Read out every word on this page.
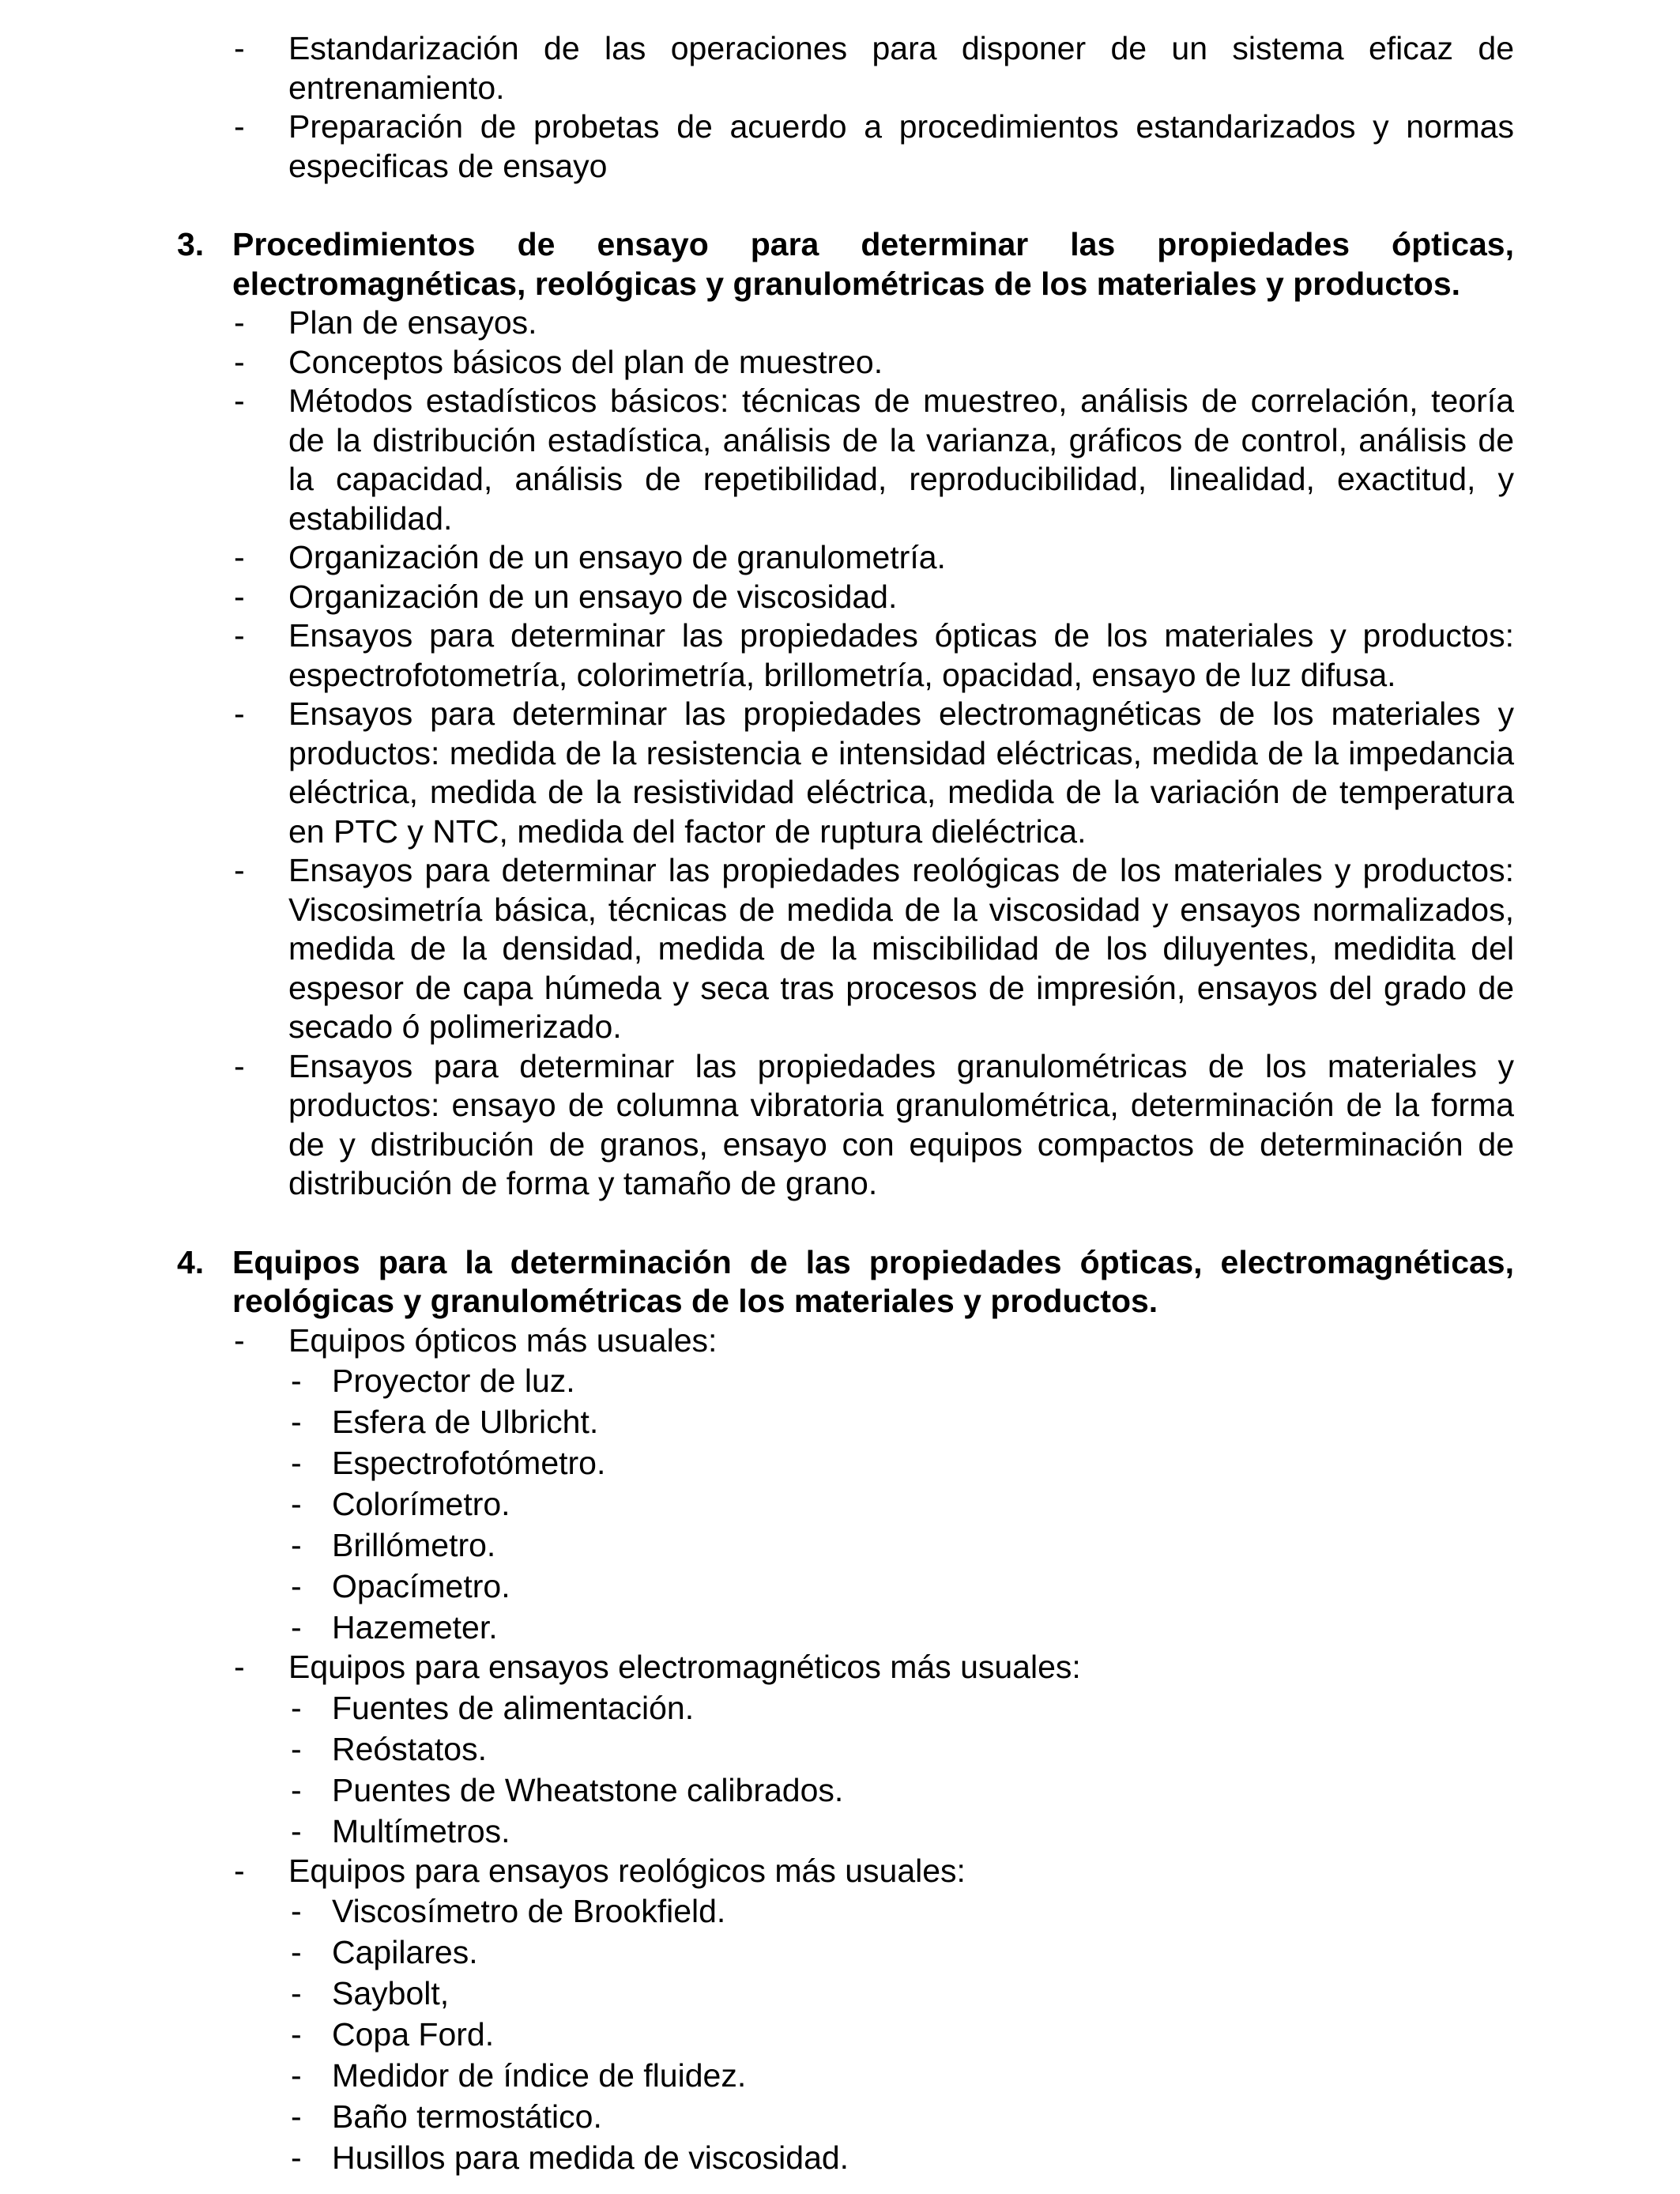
- Estandarización de las operaciones para disponer de un sistema eficaz de entrenamiento.
- Preparación de probetas de acuerdo a procedimientos estandarizados y normas especificas de ensayo
3. Procedimientos de ensayo para determinar las propiedades ópticas, electromagnéticas, reológicas y granulométricas de los materiales y productos.
- Plan de ensayos.
- Conceptos básicos del plan de muestreo.
- Métodos estadísticos básicos: técnicas de muestreo, análisis de correlación, teoría de la distribución estadística, análisis de la varianza, gráficos de control, análisis de la capacidad, análisis de repetibilidad, reproducibilidad, linealidad, exactitud, y estabilidad.
- Organización de un ensayo de granulometría.
- Organización de un ensayo de viscosidad.
- Ensayos para determinar las propiedades ópticas de los materiales y productos: espectrofotometría, colorimetría, brillometría, opacidad, ensayo de luz difusa.
- Ensayos para determinar las propiedades electromagnéticas de los materiales y productos: medida de la resistencia e intensidad eléctricas, medida de la impedancia eléctrica, medida de la resistividad eléctrica, medida de la variación de temperatura en PTC y NTC, medida del factor de ruptura dieléctrica.
- Ensayos para determinar las propiedades reológicas de los materiales y productos: Viscosimetría básica, técnicas de medida de la viscosidad y ensayos normalizados, medida de la densidad, medida de la miscibilidad de los diluyentes, medidita del espesor de capa húmeda y seca tras procesos de impresión, ensayos del grado de secado ó polimerizado.
- Ensayos para determinar las propiedades granulométricas de los materiales y productos: ensayo de columna vibratoria granulométrica, determinación de la forma de y distribución de granos, ensayo con equipos compactos de determinación de distribución de forma y tamaño de grano.
4. Equipos para la determinación de las propiedades ópticas, electromagnéticas, reológicas y granulométricas de los materiales y productos.
- Equipos ópticos más usuales:
- Proyector de luz.
- Esfera de Ulbricht.
- Espectrofotómetro.
- Colorímetro.
- Brillómetro.
- Opacímetro.
- Hazemeter.
- Equipos para ensayos electromagnéticos más usuales:
- Fuentes de alimentación.
- Reóstatos.
- Puentes de Wheatstone calibrados.
- Multímetros.
- Equipos para ensayos reológicos más usuales:
- Viscosímetro de Brookfield.
- Capilares.
- Saybolt,
- Copa Ford.
- Medidor de índice de fluidez.
- Baño termostático.
- Husillos para medida de viscosidad.
